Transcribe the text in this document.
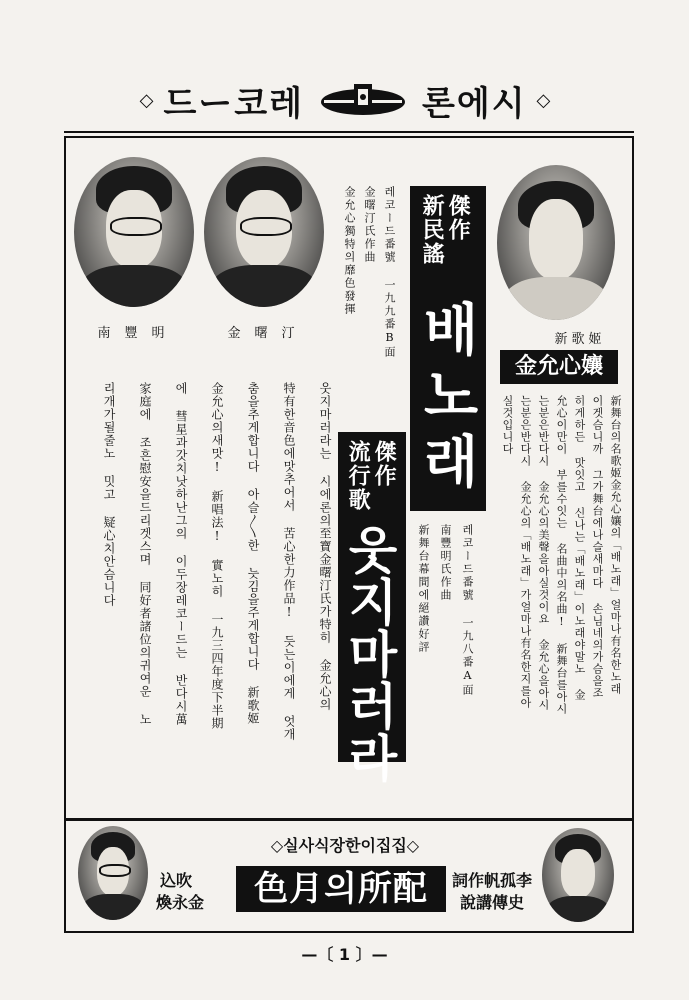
◇ 드ー코레	론에시 ◇
南豐明	金曙汀	新歌姬
金允心孃
傑作
新民謠
배노래
레코ー드番號 一九九番B面
金曙汀氏作曲
金允心獨特의靡色發揮
傑作
流行歌
웃지마러라	레코ー드番號 一九八番A面
南豐明氏作曲
新舞台幕間에絕讚好評	新舞台의名歌姬金允心孃의「배노래」얼마나有名한노래
이겟슴니까 그가舞台에나슬새마다 손님네의가슴을조
히게하든 맛잇고 신나는「배노래」이노래야말노 金
允心이만이 부를수잇는 名曲中의名曲! 新舞台를아시
는분은반다시 金允心의美聲을아실것이요 金允心을아시
는분은반다시 金允心의「배노래」가얼마나有名한지를아
실것입니다
웃지마러라는 시에론의至寶金曙汀氏가特히 金允心의
特有한音色에맛추어서 苦心한力作品! 듯는이에게 엇개
춤을추게합니다 아슬〳〵한 늣김을주게합니다 新歌姬
金允心의새맛! 新唱法! 實노히 一九三四年度下半期
에 彗星과갓치낫하난그의 이두장레코ー드는 반다시萬
家庭에 조흔慰安을드리겟스며 同好者諸位의귀여운 노
리개가될줄노 밋고 疑心치안슴니다
◇실사식장한이집집◇
色月의所配
込吹
煥永金
詞作帆孤李
說講傳史
—〔 1 〕—
